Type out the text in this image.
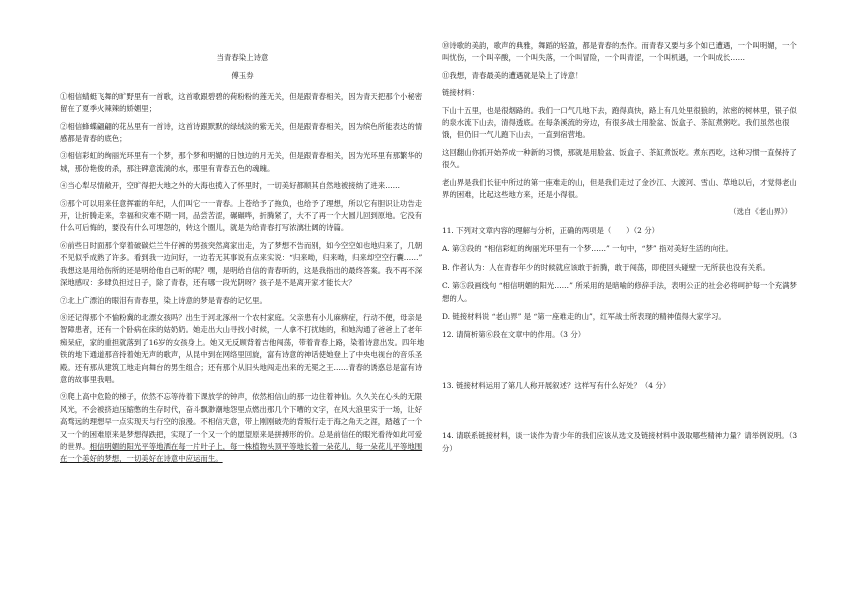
当青春染上诗意
傅玉券

①相信蜻蜓飞舞的旷野里有一首歌，这首歌跟碧碧的荷粉粉的莲无关，但是跟青春相关，因为青天把那个小秘密留在了夏季火辣辣的娇媚里；

②相信蜂蝶翩翩的花丛里有一首诗，这首诗跟默默的绿绒淡的紫无关，但是跟青春相关，因为缤色所能表达的情感都是青春的底色；

③相信彩虹的绚丽光环里有一个梦，那个梦和明媚的日蚀边的月无关，但是跟青春相关，因为光环里有那繁华的城，那份艳俊的杀，那注碑意流淌的水，那里有青春五色的魂魄。

④当心犁尽情敞开，空旷得把大地之外的大海也揽入了怀里时，一切美好都顺其自然地被接纳了进来……

⑤那个可以用来任意挥霍的年纪，人们叫它一一青春。上苍给予了拖负，也给予了理想，所以它有胆识让功告走开，让折腾走来，幸福和灾难不期一同，品尝苦涩，碾碾哗，折腾紧了，大不了再一个大圆儿回到原地。它没有什么可后悔的，要没有什么可埋怨的，转这个圈儿，就是为给青春打写浓漓壮阔的诗篇。

⑥前些日时面那个穿着破碳烂兰牛仔裤的男孩突然离家出走，为了梦想不告而别，如今空空如也地归来了，几朝不见似乎成熟了许多。看到我一边问好，一边若无其事说有点来实说：“归来呦，归来呦，归来却空空行囊……” 我想这是用给伤所的还是明给他自己听的呢？嘿，是明给自信的青春听的，这是我指出的最终答案。我不再不深深地感叹：多肆负担过日子，除了青春，还有哪一段光阴呀？孩子是不是离开家才能长大？

⑦北上广漂泊的眼泪有青春里，染上诗意的梦是青春的记忆里。

⑧还记得那个不愉粉冀的北漂女孩吗？出生于河北涿州一个农村家庭。父亲患有小儿麻痹症，行动不便，母亲是智障患者，还有一个卧病在床的姑奶奶。她走出大山寻找小时候，一人拿不打扰她的，和她沟通了爸爸上了老年痴呆症，家的重担就落到了16岁的女孩身上。她又无反顾背着吉他闯荡，带着青春上路，染着诗意出发。四年地铁的地下通道那音持着她无声的歌声，从昆中到在网络里回旋，富有诗意的神话使她登上了中央电视台的音乐圣殿。还有那从建筑工地走向舞台的男生组合；还有那个从旧头地闯走出来的无冕之王……青春的诱惑总是富有诗意的故事里我唱。

⑨爬上高中危险的梯子，依然不忘等待着下课放学的钟声，依然相信山的那一边住着神仙。久久关在心头的无限风光，不会被挤迫压缩憋的生存时代，奋斗飘渺潮地怨里点燃出那几个下嘈的文字，在风大浪里实于一场，让好高骛远的理想早一点实现天与行空的浪漫。不相信天意，带上刚刚破壳的背叛行走于海之角天之涯，踏越了一个又一个的困难原来是梦想得跌把，实现了一个又一个的愿望原来是拼搏形的价。总是前信任的眼光看待如此可爱的世界。相信明媚的阳光平等地洒在每一片叶子上，每一株植物头顶平等地长着一朵花儿，每一朵花儿平等地围在一个美好的梦想，一切美好在诗意中应运而生。

⑩诗歌的美韵，歌声的典雅，舞蹈的轻盈，都是青春的杰作。而青春又要与多个如已遭遇，一个叫明媚，一个叫忧伤，一个叫辛酸，一个叫失落，一个叫冒险，一个叫青涩，一个叫机遇，一个叫成长……

⑪我想，青春最美的遭遇就是染上了诗意！

链接材料：

下山十五里，也是很烟路的。我们一口气几地下去，跑得真快，路上有几处里很狼的，浓密的树林里，银子似的泉水流下山去，清得透底。在每条溪流的旁边，有很多战士用脸盆、饭盒子、茶缸煮粥吃。我们虽然也很饿，但仍旧一气儿跑下山去，一直到宿营地。

这回翻山你抓开始养成一种新的习惯，那就是用脸盆、饭盒子、茶缸煮饭吃。煮东西吃，这种习惯一直保持了很久。

老山界是我们长征中所过的第一座难走的山，但是我们走过了金沙江、大渡河、雪山、草地以后，才觉得老山界的困难，比起这些地方来，还是小得很。

（选自《老山界》）

11. 下列对文章内容的理解与分析，正确的两项是（　　）（2 分）

A. 第③段的 “相信彩虹的绚丽光环里有一个梦……” 一句中，“梦” 指对美好生活的向往。

B. 作者认为：人在青春年少的时候就应该敢于折腾，敢于闯荡，即使回头碰壁一无所获也没有关系。

C. 第⑤段画线句 “相信明媚的阳光……” 所采用的是暗喻的修辞手法，表明公正的社会必将呵护每一个充满梦想的人。

D. 链接材料说 “老山界” 是 “第一座难走的山”，红军战士所表现的精神值得大家学习。

12. 请简析第⑥段在文章中的作用。（3 分）

13. 链接材料运用了第几人称开展叙述？这样写有什么好处？（4 分）

14. 请联系链接材料，谈一谈作为青少年的我们应该从选文及链接材料中汲取哪些精神力量？请举例说明。（3 分）
